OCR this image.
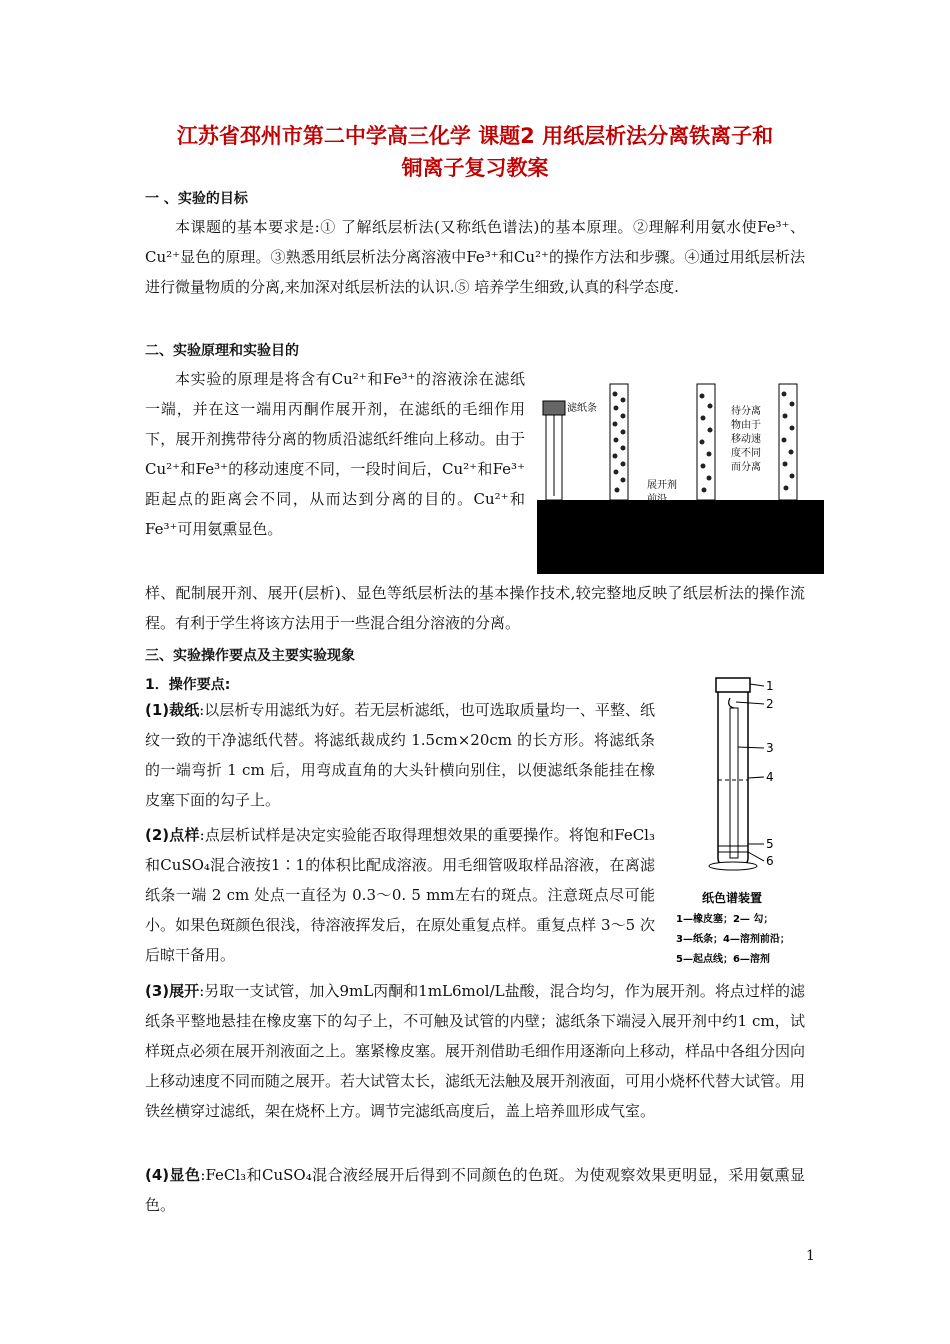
江苏省邳州市第二中学高三化学 课题2 用纸层析法分离铁离子和
铜离子复习教案
一 、实验的目标
本课题的基本要求是:① 了解纸层析法(又称纸色谱法)的基本原理。②理解利用氨水使Fe³⁺、Cu²⁺显色的原理。③熟悉用纸层析法分离溶液中Fe³⁺和Cu²⁺的操作方法和步骤。④通过用纸层析法进行微量物质的分离,来加深对纸层析法的认识.⑤ 培养学生细致,认真的科学态度.
二、实验原理和实验目的
本实验的原理是将含有Cu²⁺和Fe³⁺的溶液涂在滤纸一端，并在这一端用丙酮作展开剂，在滤纸的毛细作用下，展开剂携带待分离的物质沿滤纸纤维向上移动。由于Cu²⁺和Fe³⁺的移动速度不同，一段时间后，Cu²⁺和Fe³⁺距起点的距离会不同，从而达到分离的目的。Cu²⁺和Fe³⁺可用氨熏显色。
样、配制展开剂、展开(层析)、显色等纸层析法的基本操作技术,较完整地反映了纸层析法的操作流程。有利于学生将该方法用于一些混合组分溶液的分离。
滤纸条
展开剂
前沿
待分离
物由于
移动速
度不同
而分离
三、实验操作要点及主要实验现象
1．操作要点:
(1)裁纸:以层析专用滤纸为好。若无层析滤纸，也可选取质量均一、平整、纸纹一致的干净滤纸代替。将滤纸裁成约 1.5cm×20cm 的长方形。将滤纸条的一端弯折 1 cm 后，用弯成直角的大头针横向别住，以便滤纸条能挂在橡皮塞下面的勾子上。
(2)点样:点层析试样是决定实验能否取得理想效果的重要操作。将饱和FeCl₃和CuSO₄混合液按1∶1的体积比配成溶液。用毛细管吸取样品溶液，在离滤纸条一端 2 cm 处点一直径为 0.3～0. 5 mm左右的斑点。注意斑点尽可能小。如果色斑颜色很浅，待溶液挥发后，在原处重复点样。重复点样 3～5 次后晾干备用。
(3)展开:另取一支试管，加入9mL丙酮和1mL6mol/L盐酸，混合均匀，作为展开剂。将点过样的滤纸条平整地悬挂在橡皮塞下的勾子上，不可触及试管的内壁；滤纸条下端浸入展开剂中约1 cm，试样斑点必须在展开剂液面之上。塞紧橡皮塞。展开剂借助毛细作用逐渐向上移动，样品中各组分因向上移动速度不同而随之展开。若大试管太长，滤纸无法触及展开剂液面，可用小烧杯代替大试管。用铁丝横穿过滤纸，架在烧杯上方。调节完滤纸高度后，盖上培养皿形成气室。
(4)显色:FeCl₃和CuSO₄混合液经展开后得到不同颜色的色斑。为使观察效果更明显，采用氨熏显色。
1
2
3
4
5
6
纸色谱装置
1—橡皮塞；2— 勾；
3—纸条；4—溶剂前沿；
5—起点线；6—溶剂
1
